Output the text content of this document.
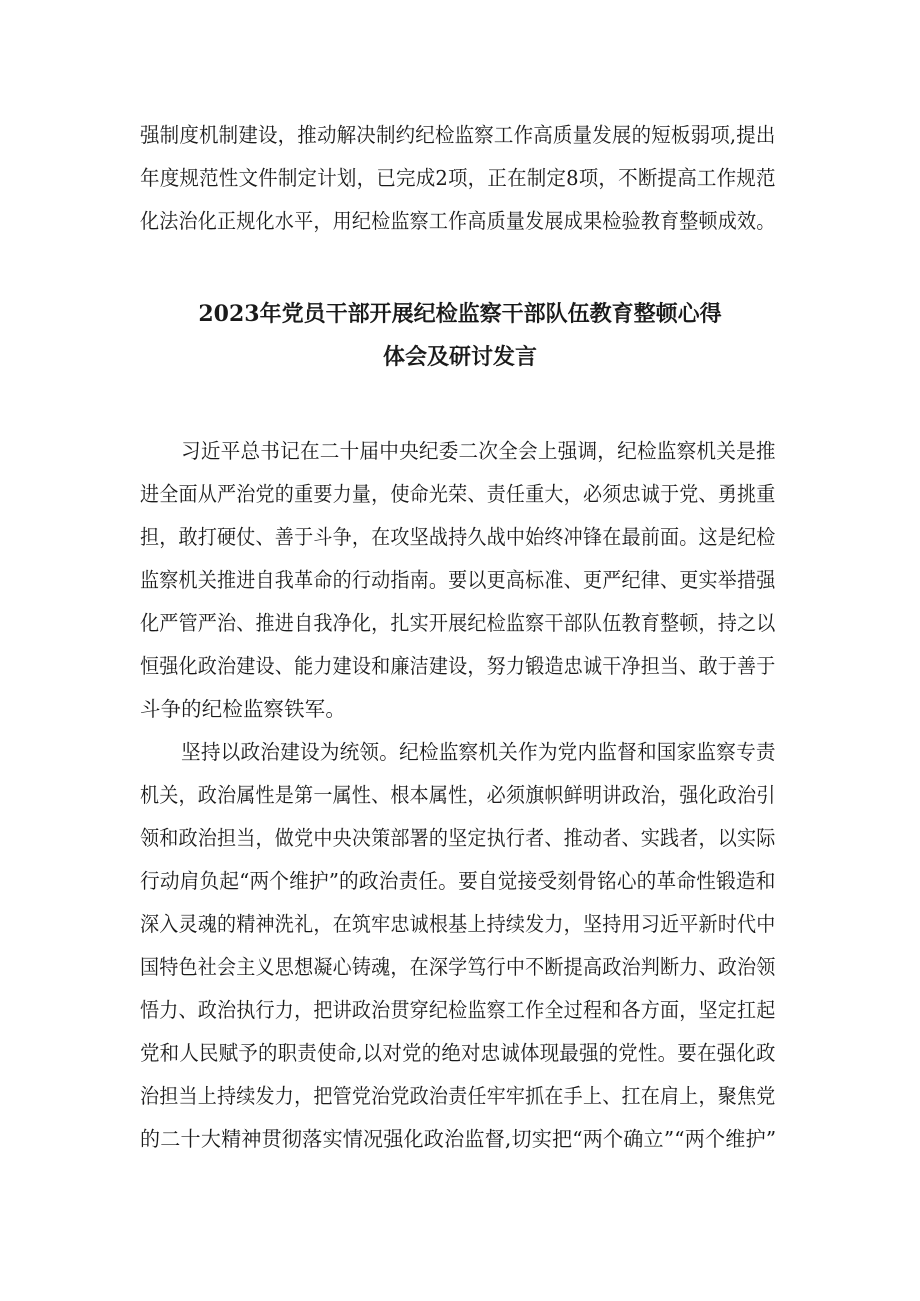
强制度机制建设，推动解决制约纪检监察工作高质量发展的短板弱项,提出
年度规范性文件制定计划，已完成2项，正在制定8项，不断提高工作规范
化法治化正规化水平，用纪检监察工作高质量发展成果检验教育整顿成效。
2023年党员干部开展纪检监察干部队伍教育整顿心得
体会及研讨发言
习近平总书记在二十届中央纪委二次全会上强调，纪检监察机关是推
进全面从严治党的重要力量，使命光荣、责任重大，必须忠诚于党、勇挑重
担，敢打硬仗、善于斗争，在攻坚战持久战中始终冲锋在最前面。这是纪检
监察机关推进自我革命的行动指南。要以更高标准、更严纪律、更实举措强
化严管严治、推进自我净化，扎实开展纪检监察干部队伍教育整顿，持之以
恒强化政治建设、能力建设和廉洁建设，努力锻造忠诚干净担当、敢于善于
斗争的纪检监察铁军。
坚持以政治建设为统领。纪检监察机关作为党内监督和国家监察专责
机关，政治属性是第一属性、根本属性，必须旗帜鲜明讲政治，强化政治引
领和政治担当，做党中央决策部署的坚定执行者、推动者、实践者，以实际
行动肩负起“两个维护”的政治责任。要自觉接受刻骨铭心的革命性锻造和
深入灵魂的精神洗礼，在筑牢忠诚根基上持续发力，坚持用习近平新时代中
国特色社会主义思想凝心铸魂，在深学笃行中不断提高政治判断力、政治领
悟力、政治执行力，把讲政治贯穿纪检监察工作全过程和各方面，坚定扛起
党和人民赋予的职责使命,以对党的绝对忠诚体现最强的党性。要在强化政
治担当上持续发力，把管党治党政治责任牢牢抓在手上、扛在肩上，聚焦党
的二十大精神贯彻落实情况强化政治监督,切实把“两个确立”“两个维护”
